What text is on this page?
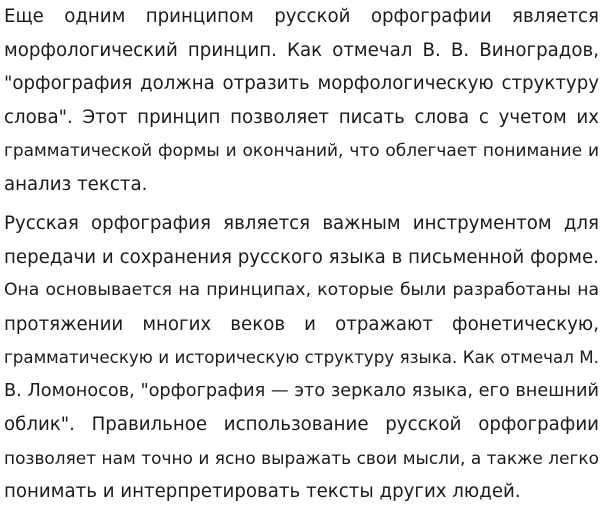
Еще одним принципом русской орфографии является
морфологический принцип. Как отмечал В. В. Виноградов,
"орфография должна отразить морфологическую структуру
слова". Этот принцип позволяет писать слова с учетом их
грамматической формы и окончаний, что облегчает понимание и
анализ текста.
Русская орфография является важным инструментом для
передачи и сохранения русского языка в письменной форме.
Она основывается на принципах, которые были разработаны на
протяжении многих веков и отражают фонетическую,
грамматическую и историческую структуру языка. Как отмечал М.
В. Ломоносов, "орфография — это зеркало языка, его внешний
облик". Правильное использование русской орфографии
позволяет нам точно и ясно выражать свои мысли, а также легко
понимать и интерпретировать тексты других людей.
